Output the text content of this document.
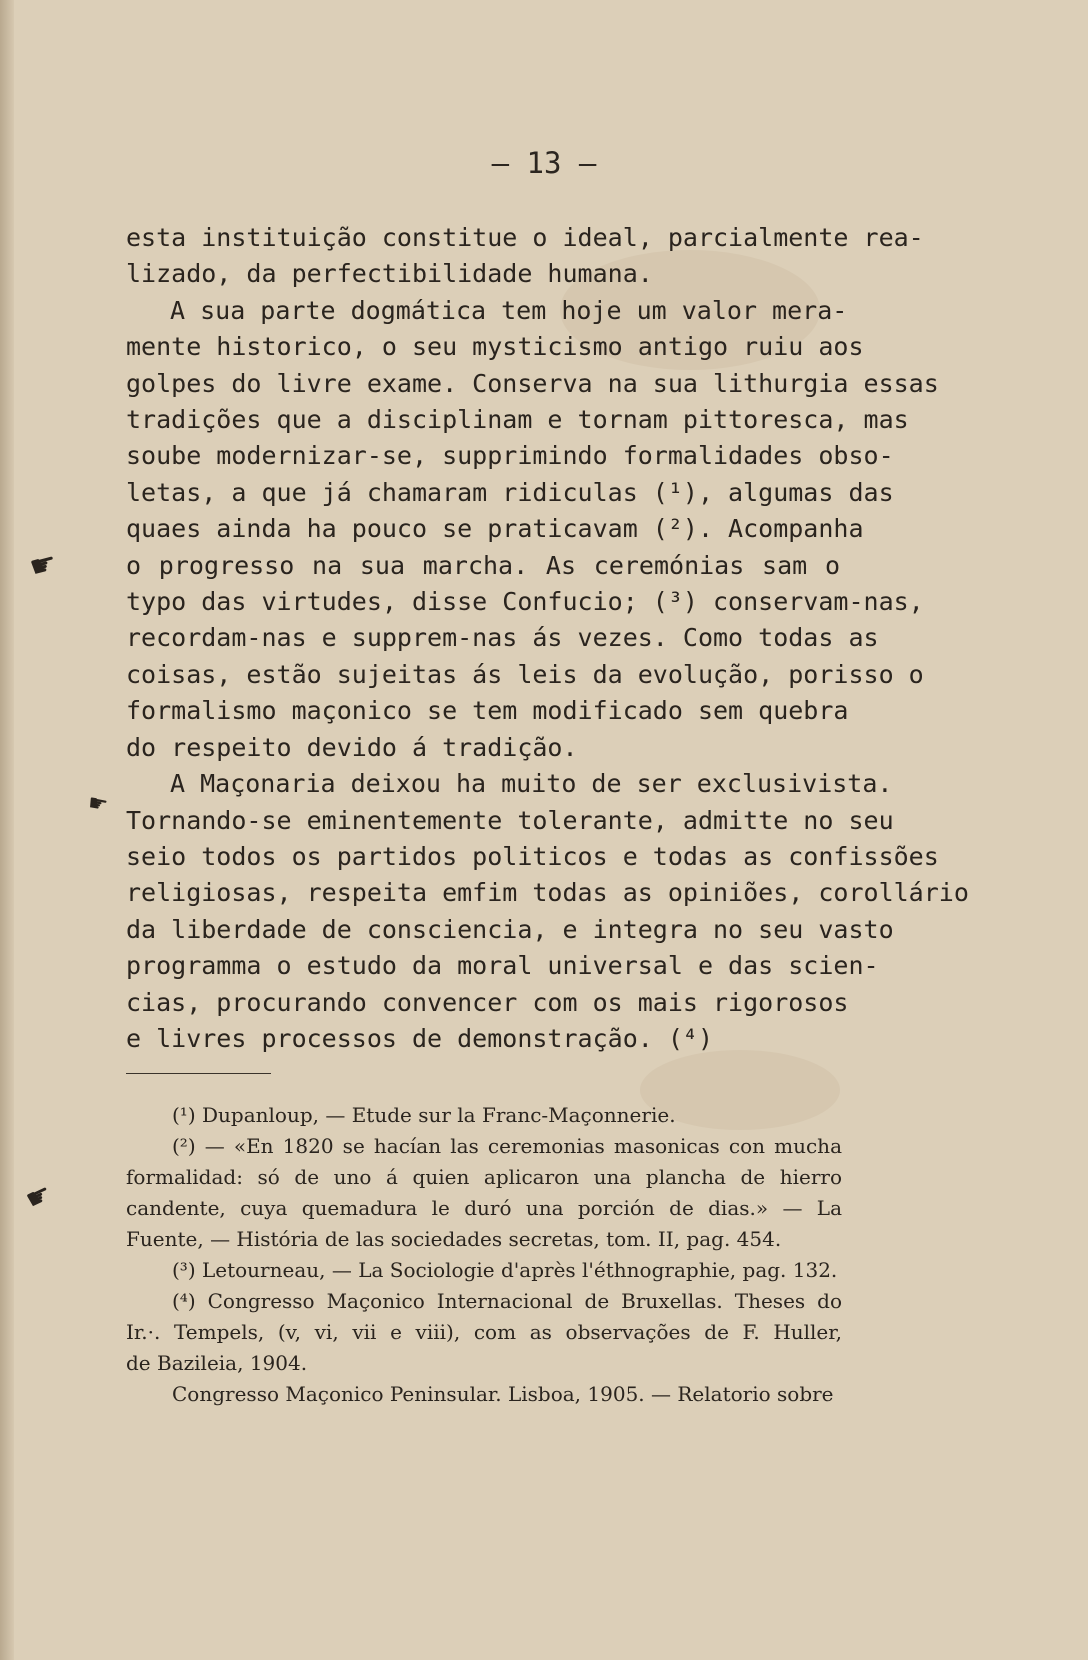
— 13 —
esta instituição constitue o ideal, parcialmente rea-
lizado, da perfectibilidade humana.
A sua parte dogmática tem hoje um valor mera-
mente historico, o seu mysticismo antigo ruiu aos
golpes do livre exame. Conserva na sua lithurgia essas
tradições que a disciplinam e tornam pittoresca, mas
soube modernizar-se, supprimindo formalidades obso-
letas, a que já chamaram ridiculas (¹), algumas das
quaes ainda ha pouco se praticavam (²). Acompanha
o progresso na sua marcha. As ceremónias sam o
typo das virtudes, disse Confucio; (³) conservam-nas,
recordam-nas e supprem-nas ás vezes. Como todas as
coisas, estão sujeitas ás leis da evolução, porisso o
formalismo maçonico se tem modificado sem quebra
do respeito devido á tradição.
A Maçonaria deixou ha muito de ser exclusivista.
Tornando-se eminentemente tolerante, admitte no seu
seio todos os partidos politicos e todas as confissões
religiosas, respeita emfim todas as opiniões, corollário
da liberdade de consciencia, e integra no seu vasto
programma o estudo da moral universal e das scien-
cias, procurando convencer com os mais rigorosos
e livres processos de demonstração. (⁴)
(¹) Dupanloup, — Etude sur la Franc-Maçonnerie.
(²) — «En 1820 se hacían las ceremonias masonicas con mucha
formalidad: só de uno á quien aplicaron una plancha de hierro
candente, cuya quemadura le duró una porción de dias.» — La
Fuente, — História de las sociedades secretas, tom. II, pag. 454.
(³) Letourneau, — La Sociologie d'après l'éthnographie, pag. 132.
(⁴) Congresso Maçonico Internacional de Bruxellas. Theses do
Ir.·. Tempels, (v, vi, vii e viii), com as observações de F. Huller,
de Bazileia, 1904.
Congresso Maçonico Peninsular. Lisboa, 1905. — Relatorio sobre
☛
☛
☛
